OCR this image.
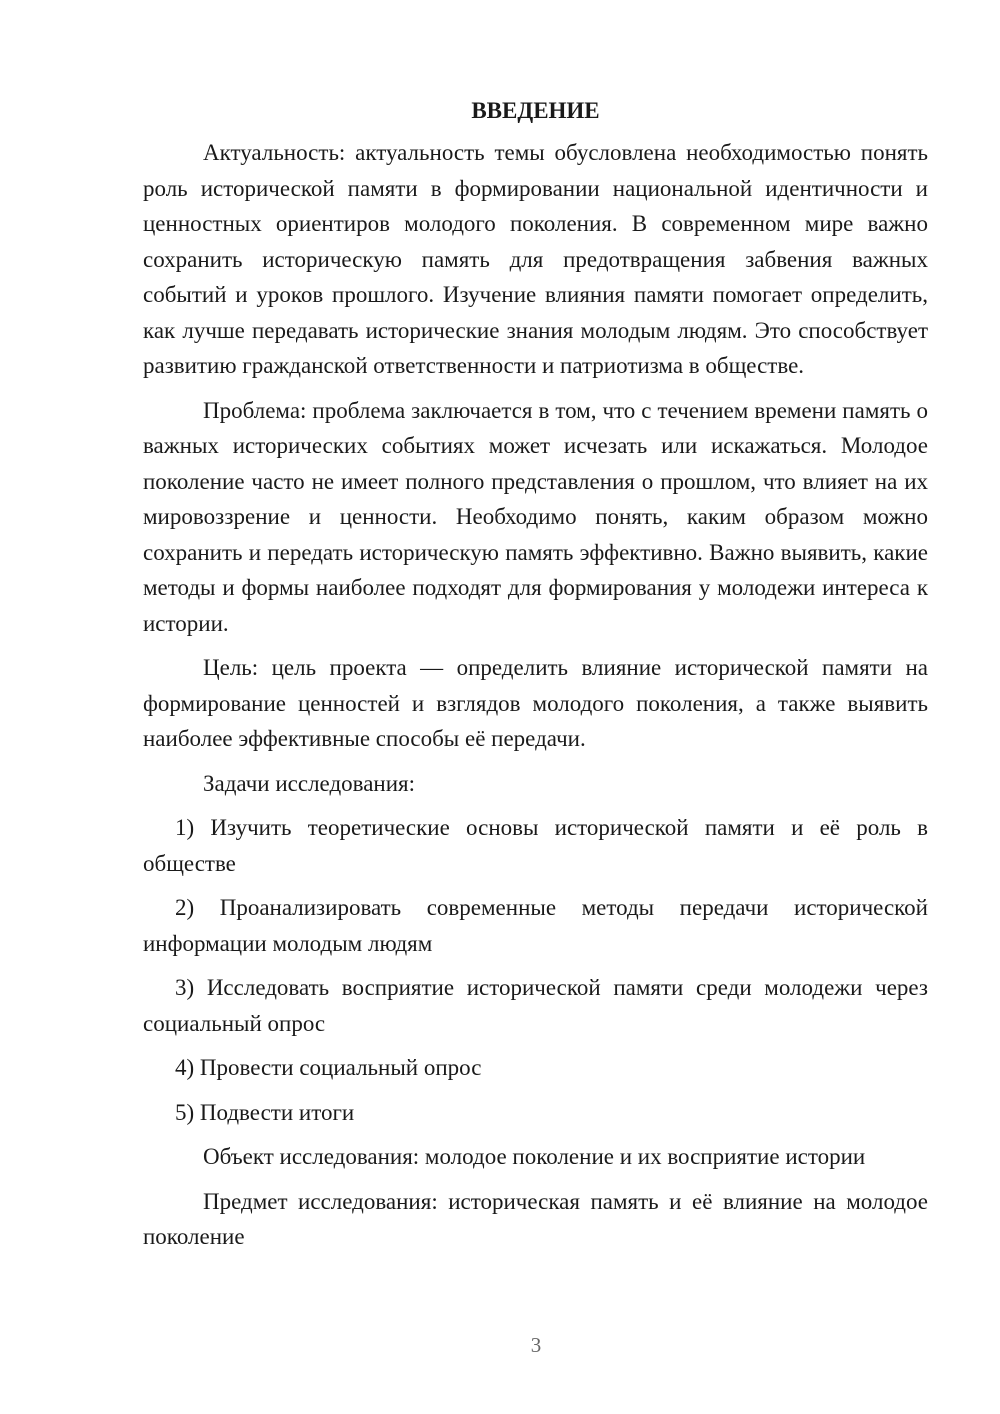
ВВЕДЕНИЕ

Актуальность: актуальность темы обусловлена необходимостью понять роль исторической памяти в формировании национальной идентичности и ценностных ориентиров молодого поколения. В современном мире важно сохранить историческую память для предотвращения забвения важных событий и уроков прошлого. Изучение влияния памяти помогает определить, как лучше передавать исторические знания молодым людям. Это способствует развитию гражданской ответственности и патриотизма в обществе.

Проблема: проблема заключается в том, что с течением времени память о важных исторических событиях может исчезать или искажаться. Молодое поколение часто не имеет полного представления о прошлом, что влияет на их мировоззрение и ценности. Необходимо понять, каким образом можно сохранить и передать историческую память эффективно. Важно выявить, какие методы и формы наиболее подходят для формирования у молодежи интереса к истории.

Цель: цель проекта — определить влияние исторической памяти на формирование ценностей и взглядов молодого поколения, а также выявить наиболее эффективные способы её передачи.

Задачи исследования:

1) Изучить теоретические основы исторической памяти и её роль в обществе

2) Проанализировать современные методы передачи исторической информации молодым людям

3) Исследовать восприятие исторической памяти среди молодежи через социальный опрос

4) Провести социальный опрос

5) Подвести итоги

Объект исследования: молодое поколение и их восприятие истории

Предмет исследования: историческая память и её влияние на молодое поколение

3
